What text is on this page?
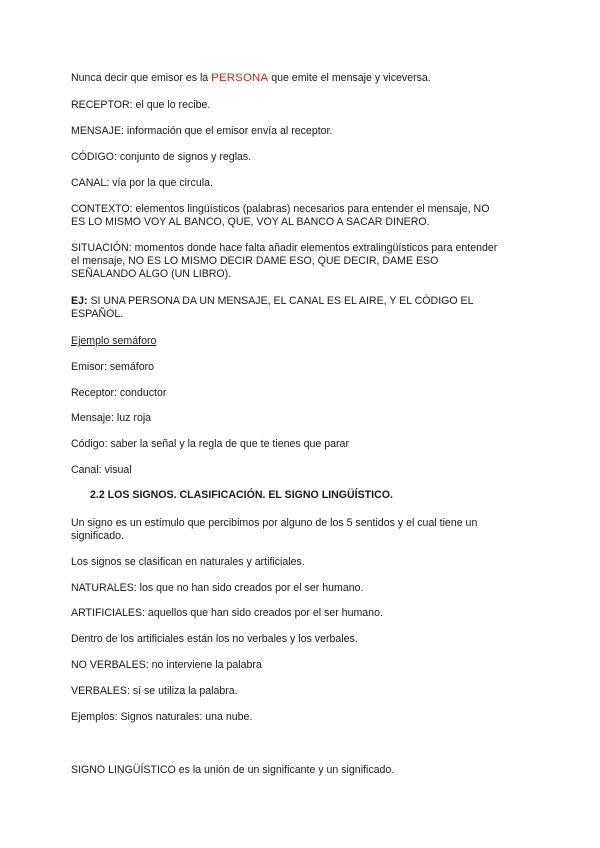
Nunca decir que emisor es la PERSONA que emite el mensaje y viceversa.

RECEPTOR: el que lo recibe.

MENSAJE: información que el emisor envía al receptor.

CÓDIGO: conjunto de signos y reglas.

CANAL: vía por la que circula.

CONTEXTO: elementos lingüísticos (palabras) necesarios para entender el mensaje, NO
ES LO MISMO VOY AL BANCO, QUE, VOY AL BANCO A SACAR DINERO.

SITUACIÓN: momentos donde hace falta añadir elementos extralingüísticos para entender
el mensaje, NO ES LO MISMO DECIR DAME ESO, QUE DECIR, DAME ESO
SEÑALANDO ALGO (UN LIBRO).

EJ: SI UNA PERSONA DA UN MENSAJE, EL CANAL ES EL AIRE, Y EL CÓDIGO EL
ESPAÑOL.

Ejemplo semáforo

Emisor: semáforo

Receptor: conductor

Mensaje: luz roja

Código: saber la señal y la regla de que te tienes que parar

Canal: visual

2.2 LOS SIGNOS. CLASIFICACIÓN. EL SIGNO LINGÜÍSTICO.

Un signo es un estímulo que percibimos por alguno de los 5 sentidos y el cual tiene un
significado.

Los signos se clasifican en naturales y artificiales.

NATURALES: los que no han sido creados por el ser humano.

ARTIFICIALES: aquellos que han sido creados por el ser humano.

Dentro de los artificiales están los no verbales y los verbales.

NO VERBALES: no interviene la palabra

VERBALES: sí se utiliza la palabra.

Ejemplos: Signos naturales: una nube.

SIGNO LINGÜÍSTICO es la unión de un significante y un significado.
